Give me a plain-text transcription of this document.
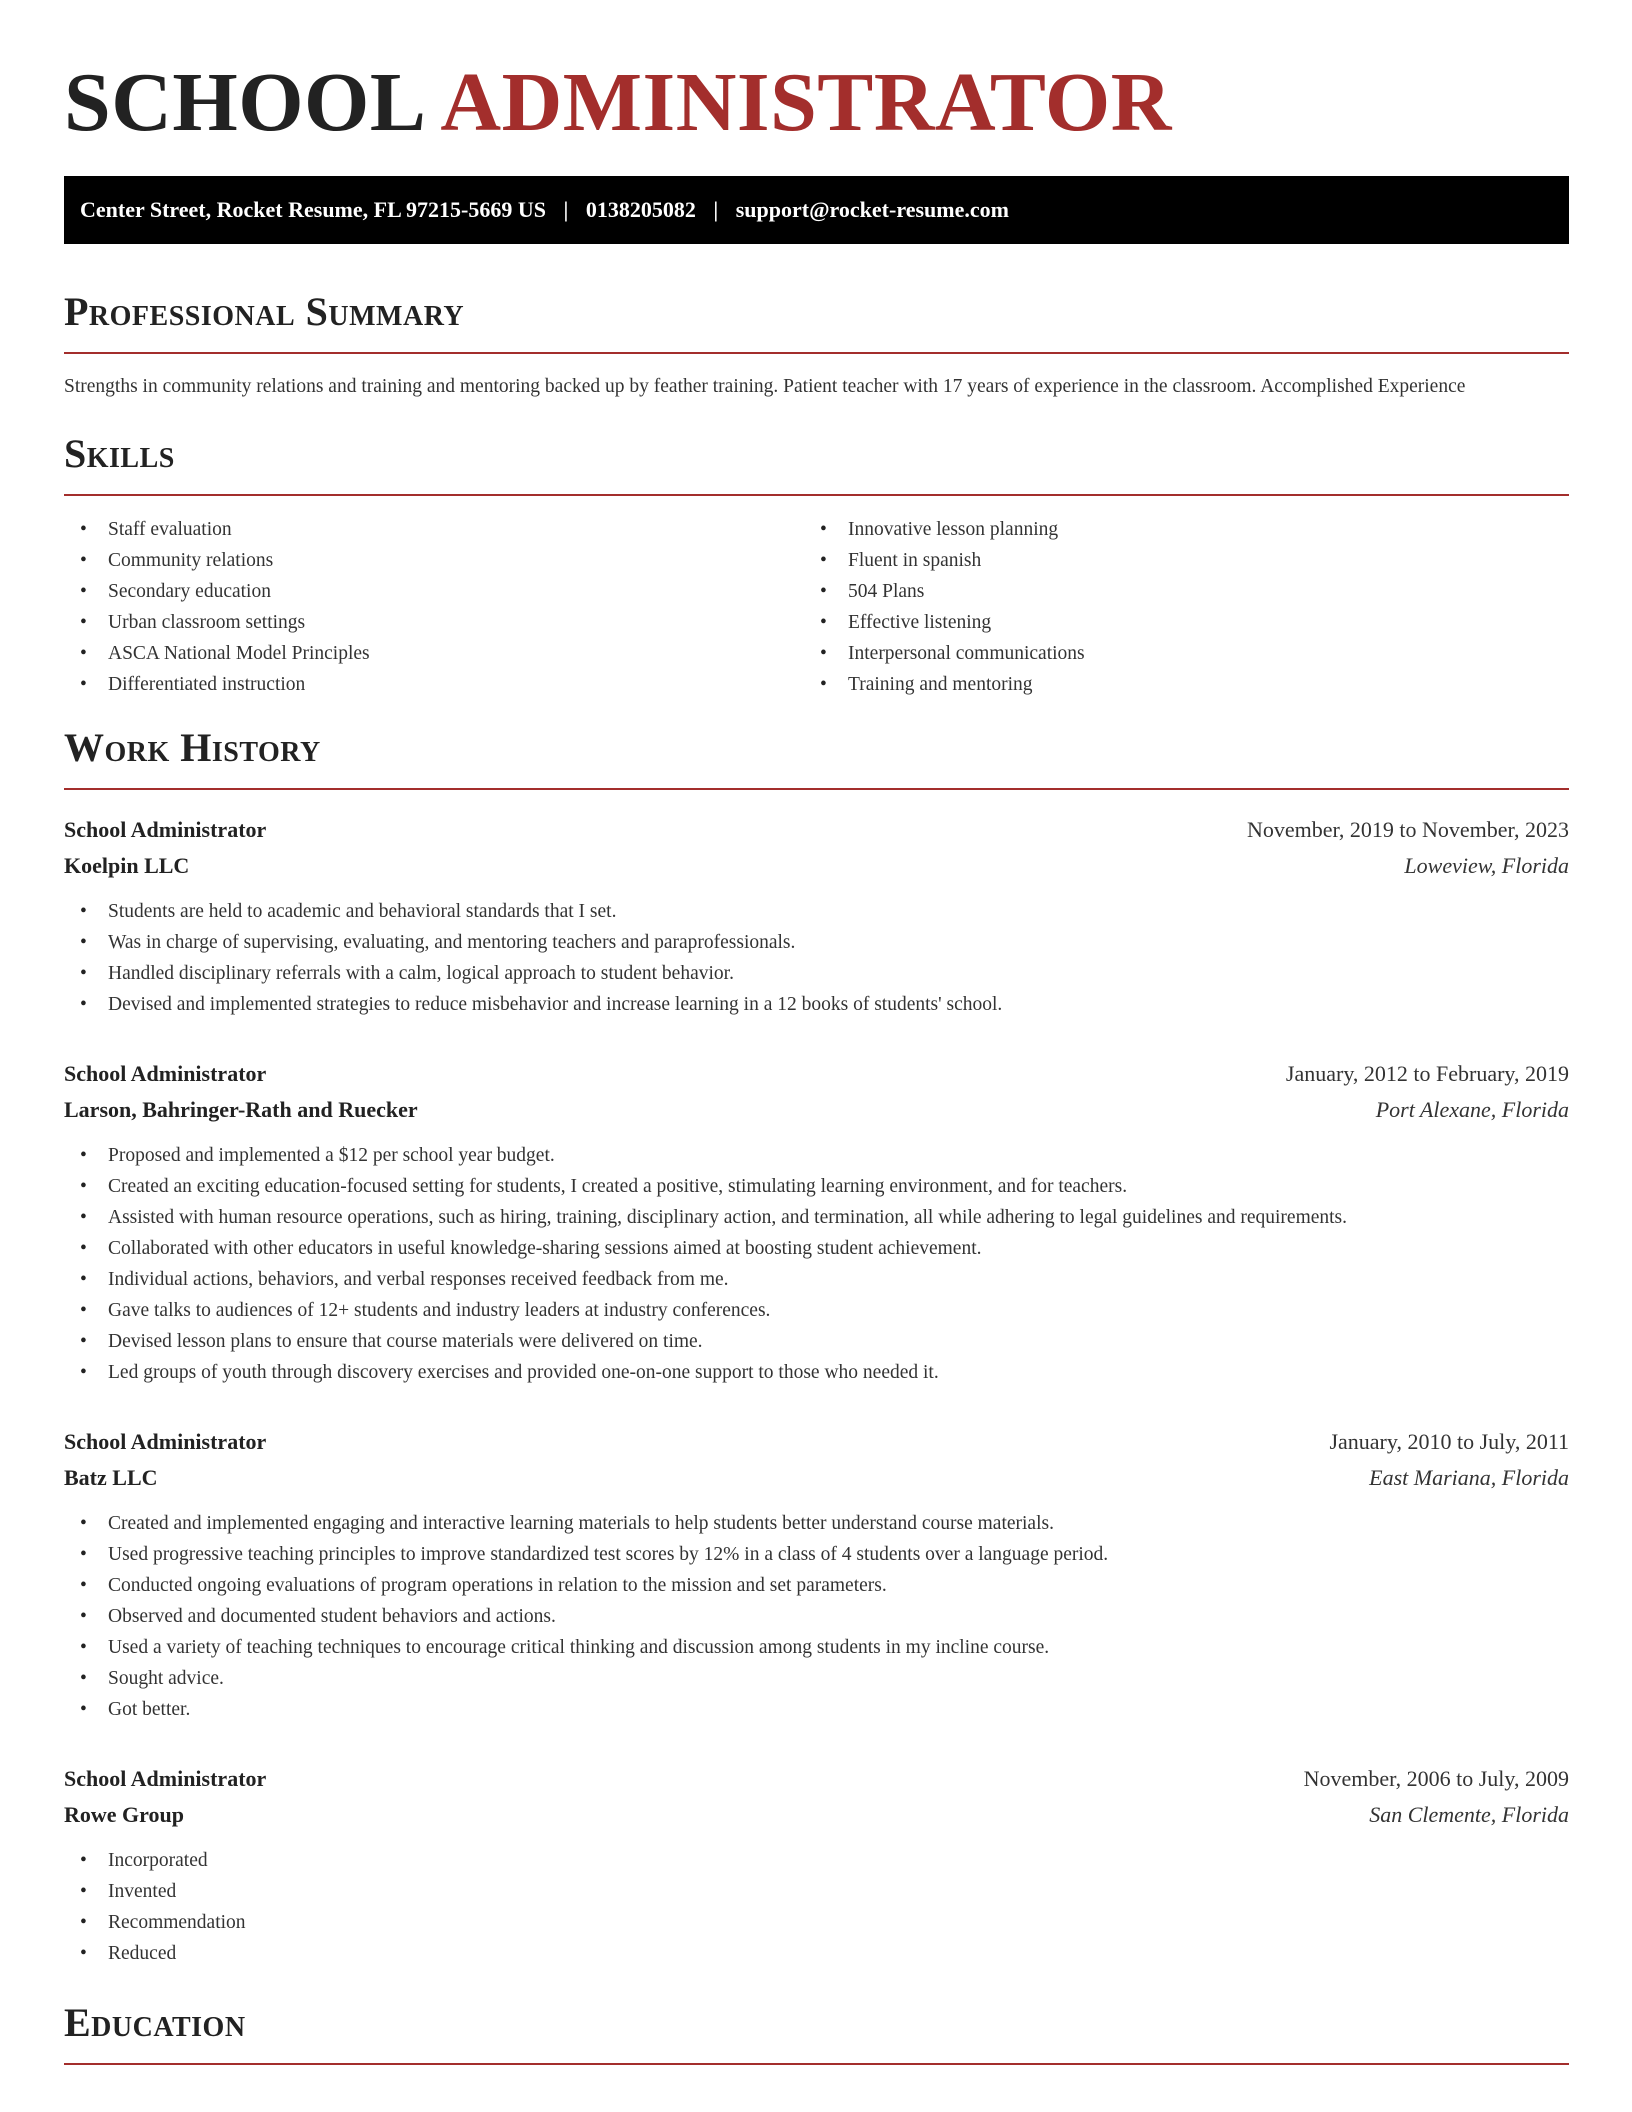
SCHOOL ADMINISTRATOR
Center Street, Rocket Resume, FL 97215-5669 US | 0138205082 | support@rocket-resume.com
Professional Summary

Strengths in community relations and training and mentoring backed up by feather training. Patient teacher with 17 years of experience in the classroom. Accomplished Experience

Skills
• Staff evaluation
• Community relations
• Secondary education
• Urban classroom settings
• ASCA National Model Principles
• Differentiated instruction
• Innovative lesson planning
• Fluent in spanish
• 504 Plans
• Effective listening
• Interpersonal communications
• Training and mentoring
Work History
School Administrator	November, 2019 to November, 2023
Koelpin LLC	Loweview, Florida
• Students are held to academic and behavioral standards that I set.
• Was in charge of supervising, evaluating, and mentoring teachers and paraprofessionals.
• Handled disciplinary referrals with a calm, logical approach to student behavior.
• Devised and implemented strategies to reduce misbehavior and increase learning in a 12 books of students' school.
School Administrator	January, 2012 to February, 2019
Larson, Bahringer-Rath and Ruecker	Port Alexane, Florida
• Proposed and implemented a $12 per school year budget.
• Created an exciting education-focused setting for students, I created a positive, stimulating learning environment, and for teachers.
• Assisted with human resource operations, such as hiring, training, disciplinary action, and termination, all while adhering to legal guidelines and requirements.
• Collaborated with other educators in useful knowledge-sharing sessions aimed at boosting student achievement.
• Individual actions, behaviors, and verbal responses received feedback from me.
• Gave talks to audiences of 12+ students and industry leaders at industry conferences.
• Devised lesson plans to ensure that course materials were delivered on time.
• Led groups of youth through discovery exercises and provided one-on-one support to those who needed it.
School Administrator	January, 2010 to July, 2011
Batz LLC	East Mariana, Florida
• Created and implemented engaging and interactive learning materials to help students better understand course materials.
• Used progressive teaching principles to improve standardized test scores by 12% in a class of 4 students over a language period.
• Conducted ongoing evaluations of program operations in relation to the mission and set parameters.
• Observed and documented student behaviors and actions.
• Used a variety of teaching techniques to encourage critical thinking and discussion among students in my incline course.
• Sought advice.
• Got better.
School Administrator	November, 2006 to July, 2009
Rowe Group	San Clemente, Florida
• Incorporated
• Invented
• Recommendation
• Reduced
Education
